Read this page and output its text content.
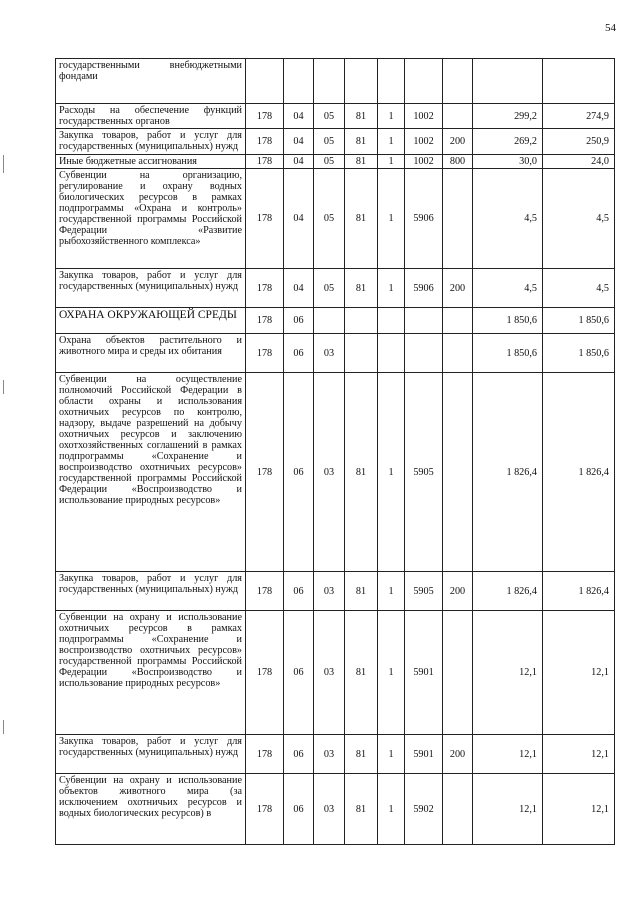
54
государственными внебюджетными фондами									
Расходы на обеспечение функций государственных органов	178	04	05	81	1	1002		299,2	274,9
Закупка товаров, работ и услуг для государственных (муниципальных) нужд	178	04	05	81	1	1002	200	269,2	250,9
Иные бюджетные ассигнования	178	04	05	81	1	1002	800	30,0	24,0
Субвенции на организацию, регулирование и охрану водных биологических ресурсов в рамках подпрограммы «Охрана и контроль» государственной программы Российской Федерации «Развитие рыбохозяйственного комплекса»	178	04	05	81	1	5906		4,5	4,5
Закупка товаров, работ и услуг для государственных (муниципальных) нужд	178	04	05	81	1	5906	200	4,5	4,5
ОХРАНА ОКРУЖАЮЩЕЙ СРЕДЫ	178	06						1 850,6	1 850,6
Охрана объектов растительного и животного мира и среды их обитания	178	06	03					1 850,6	1 850,6
Субвенции на осуществление полномочий Российской Федерации в области охраны и использования охотничьих ресурсов по контролю, надзору, выдаче разрешений на добычу охотничьих ресурсов и заключению охотхозяйственных соглашений в рамках подпрограммы «Сохранение и воспроизводство охотничьих ресурсов» государственной программы Российской Федерации «Воспроизводство и использование природных ресурсов»	178	06	03	81	1	5905		1 826,4	1 826,4
Закупка товаров, работ и услуг для государственных (муниципальных) нужд	178	06	03	81	1	5905	200	1 826,4	1 826,4
Субвенции на охрану и использование охотничьих ресурсов в рамках подпрограммы «Сохранение и воспроизводство охотничьих ресурсов» государственной программы Российской Федерации «Воспроизводство и использование природных ресурсов»	178	06	03	81	1	5901		12,1	12,1
Закупка товаров, работ и услуг для государственных (муниципальных) нужд	178	06	03	81	1	5901	200	12,1	12,1
Субвенции на охрану и использование объектов животного мира (за исключением охотничьих ресурсов и водных биологических ресурсов) в	178	06	03	81	1	5902		12,1	12,1
